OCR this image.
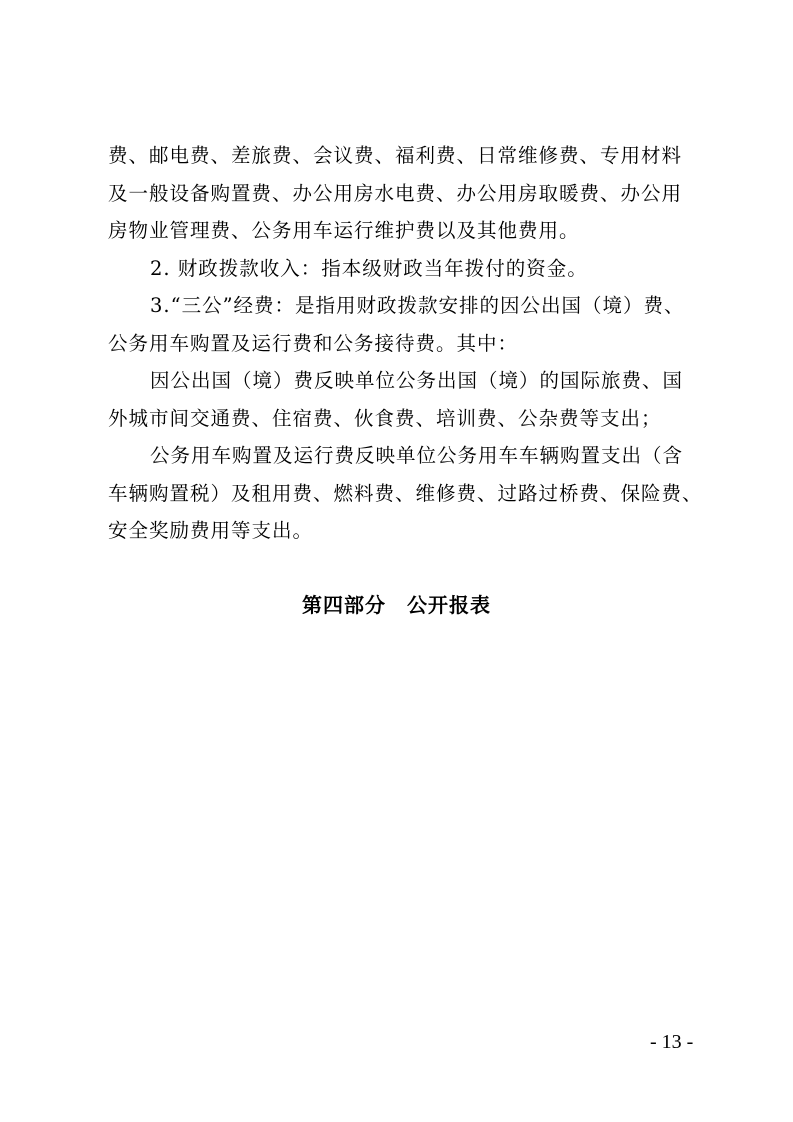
费、邮电费、差旅费、会议费、福利费、日常维修费、专用材料
及一般设备购置费、办公用房水电费、办公用房取暖费、办公用
房物业管理费、公务用车运行维护费以及其他费用。

2. 财政拨款收入：指本级财政当年拨付的资金。

3.“三公”经费：是指用财政拨款安排的因公出国（境）费、
公务用车购置及运行费和公务接待费。其中：

因公出国（境）费反映单位公务出国（境）的国际旅费、国
外城市间交通费、住宿费、伙食费、培训费、公杂费等支出；

公务用车购置及运行费反映单位公务用车车辆购置支出（含
车辆购置税）及租用费、燃料费、维修费、过路过桥费、保险费、
安全奖励费用等支出。

第四部分　公开报表
- 13 -
